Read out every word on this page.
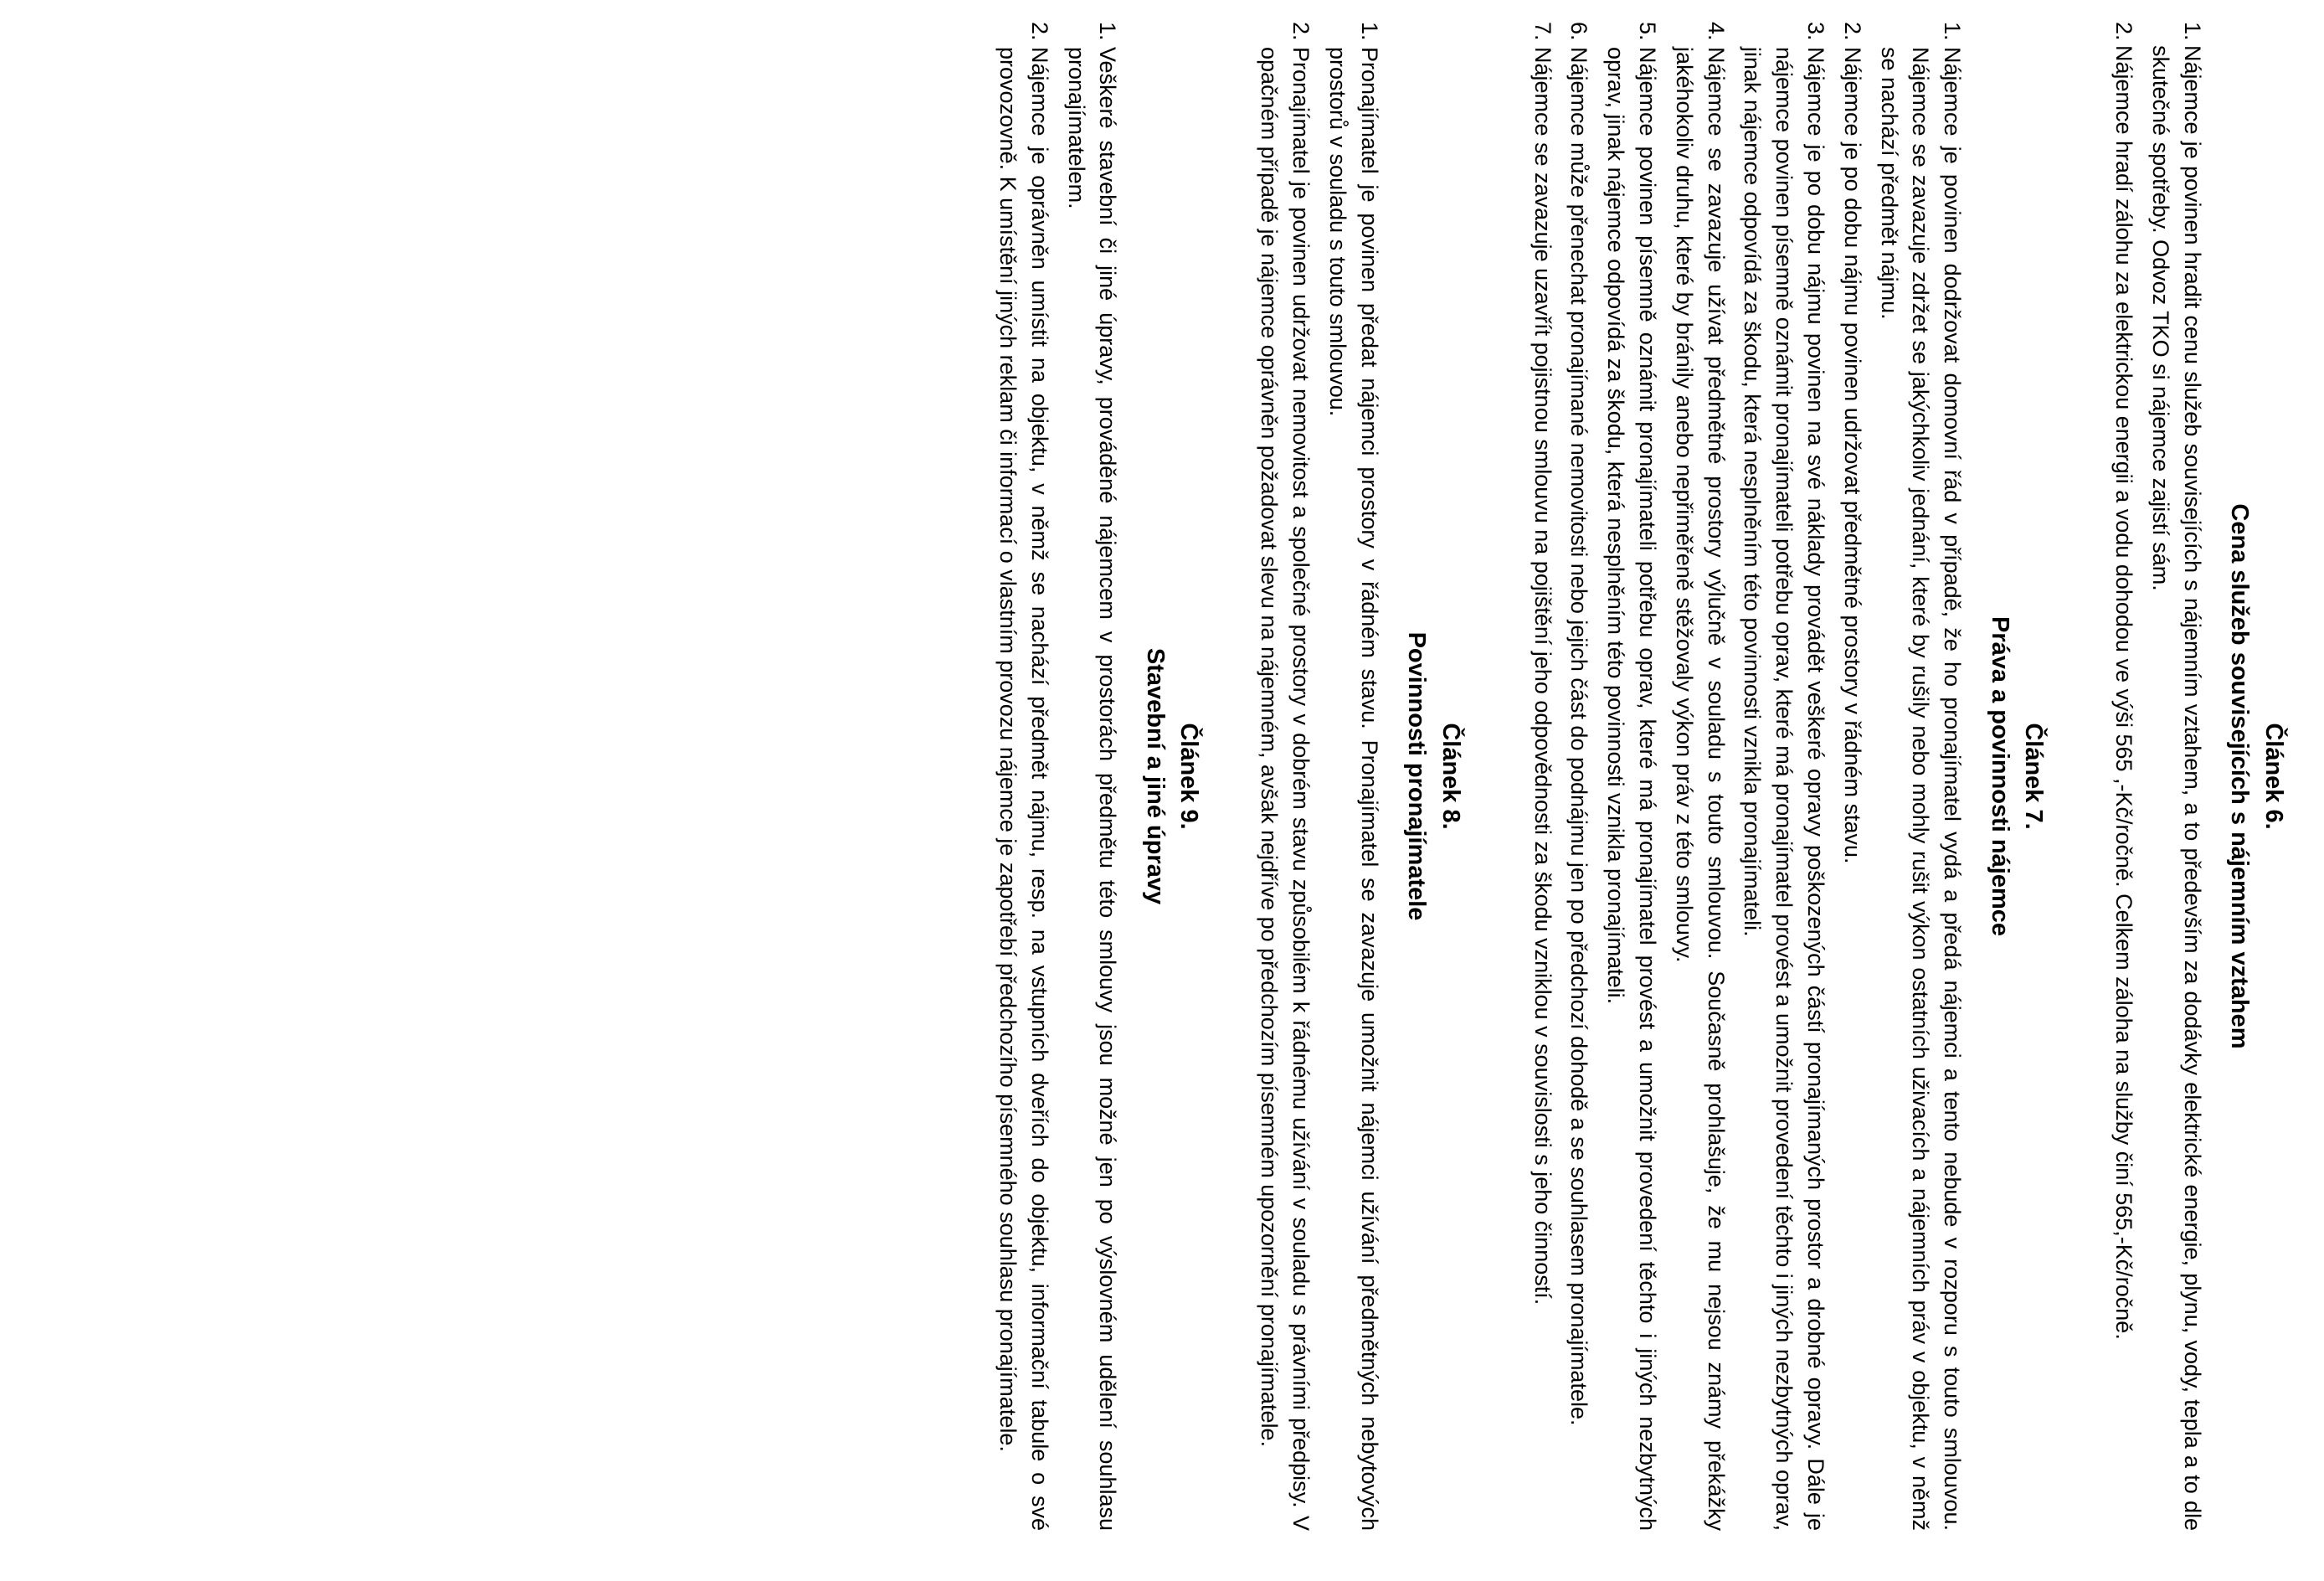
Článek 6.
Cena služeb souvisejících s nájemním vztahem
1.
Nájemce je povinen hradit cenu služeb souvisejících s nájemním vztahem, a to především za dodávky elektrické energie, plynu, vody, tepla a to dle skutečné spotřeby. Odvoz TKO si nájemce zajistí sám.
2.
Nájemce hradí zálohu za elektrickou energii a vodu dohodou ve výši 565 ,-Kč/ročně. Celkem záloha na služby činí 565,-Kč/ročně.
Článek 7.
Práva a povinnosti nájemce
1.
Nájemce je povinen dodržovat domovní řád v případě, že ho pronajímatel vydá a předá nájemci a tento nebude v rozporu s touto smlouvou. Nájemce se zavazuje zdržet se jakýchkoliv jednání, které by rušily nebo mohly rušit výkon ostatních uživacích a nájemních práv v objektu, v němž se nachází předmět nájmu.
2.
Nájemce je po dobu nájmu povinen udržovat předmětné prostory v řádném stavu.
3.
Nájemce je po dobu nájmu povinen na své náklady provádět veškeré opravy poškozených částí pronajímaných prostor a drobné opravy. Dále je nájemce povinen písemně oznámit pronajímateli potřebu oprav, které má pronajímatel provést a umožnit provedení těchto i jiných nezbytných oprav, jinak nájemce odpovídá za škodu, která nesplněním této povinnosti vznikla pronajímateli.
4.
Nájemce se zavazuje užívat předmětné prostory výlučně v souladu s touto smlouvou. Současně prohlašuje, že mu nejsou známy překážky jakéhokoliv druhu, které by bránily anebo nepřiměřeně stěžovaly výkon práv z této smlouvy.
5.
Nájemce povinen písemně oznámit pronajímateli potřebu oprav, které má pronajímatel provést a umožnit provedení těchto i jiných nezbytných oprav, jinak nájemce odpovídá za škodu, která nesplněním této povinnosti vznikla pronajímateli.
6.
Nájemce může přenechat pronajímané nemovitosti nebo jejich část do podnájmu jen po předchozí dohodě a se souhlasem pronajímatele.
7.
Nájemce se zavazuje uzavřít pojistnou smlouvu na pojištění jeho odpovědnosti za škodu vzniklou v souvislosti s jeho činností.
Článek 8.
Povinnosti pronajímatele
1.
Pronajímatel je povinen předat nájemci prostory v řádném stavu. Pronajímatel se zavazuje umožnit nájemci užívání předmětných nebytových prostorů v souladu s touto smlouvou.
2.
Pronajímatel je povinen udržovat nemovitost a společné prostory v dobrém stavu způsobilém k řádnému užívání v souladu s právními předpisy. V opačném případě je nájemce oprávněn požadovat slevu na nájemném, avšak nejdříve po předchozím písemném upozornění pronajímatele.
Článek 9.
Stavební a jiné úpravy
1.
Veškeré stavební či jiné úpravy, prováděné nájemcem v prostorách předmětu této smlouvy jsou možné jen po výslovném udělení souhlasu pronajímatelem.
2.
Nájemce je oprávněn umístit na objektu, v němž se nachází předmět nájmu, resp. na vstupních dveřích do objektu, informační tabule o své provozovně. K umístění jiných reklam či informací o vlastním provozu nájemce je zapotřebí předchozího písemného souhlasu pronajímatele.
